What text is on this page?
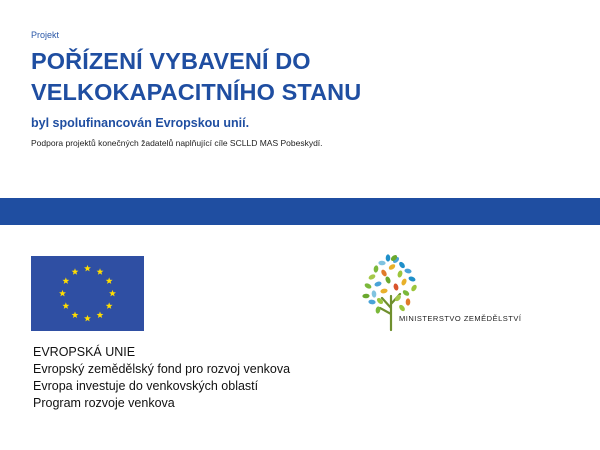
Projekt
POŘÍZENÍ VYBAVENÍ DO
VELKOKAPACITNÍHO STANU
byl spolufinancován Evropskou unií.
Podpora projektů konečných žadatelů naplňující cíle SCLLD MAS Pobeskydí.
MINISTERSTVO ZEMĚDĚLSTVÍ
EVROPSKÁ UNIE
Evropský zemědělský fond pro rozvoj venkova
Evropa investuje do venkovských oblastí
Program rozvoje venkova
